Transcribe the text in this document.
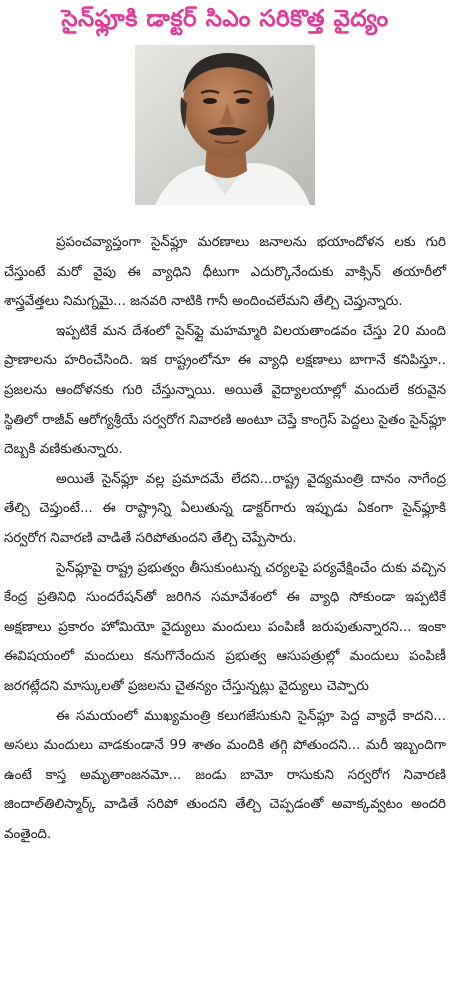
సైన్‌ఫ్లూకి డాక్టర్ సిఎం సరికొత్త వైద్యం

ప్రపంచవ్యాప్తంగా సైన్‌ఫ్లూ మరణాలు జనాలను భయాందోళన లకు గురి చేస్తుంటే మరో వైపు ఈ వ్యాధిని ధీటుగా ఎదుర్కొనేందుకు వాక్సిన్ తయారీలో శాస్త్రవేత్తలు నిమగ్నమై... జనవరి నాటికి గానీ అందించలేమని తేల్చి చెప్తున్నారు.

ఇప్పటికే మన దేశంలో సైన్‌ఫ్లై మహమ్మారి విలయతాండవం చేస్తు 20 మంది ప్రాణాలను హరించేసింది. ఇక రాష్ట్రంలోనూ ఈ వ్యాధి లక్షణాలు బాగానే కనిపిస్తూ.. ప్రజలను ఆందోళనకు గురి చేస్తున్నాయి. అయితే వైద్యాలయాల్లో మందులే కరువైన స్థితిలో రాజీవ్ ఆరోగ్యశ్రీయే సర్వరోగ నివారణి అంటూ చెప్తే కాంగ్రెస్ పెద్దలు సైతం సైన్‌ఫ్లూ దెబ్బకి వణికుతున్నారు.

అయితే సైన్‌ఫ్లూ వల్ల ప్రమాదమే లేదని...రాష్ట్ర వైద్యమంత్రి దానం నాగేంద్ర తేల్చి చెప్తుంటే... ఈ రాష్ట్రాన్ని ఏలుతున్న డాక్టర్‌గారు ఇప్పుడు ఏకంగా సైన్‌ఫ్లూకి సర్వరోగ నివారణి వాడితే సరిపోతుందని తేల్చి చెప్పేసారు.

సైన్‌ఫ్లూపై రాష్ట్ర ప్రభుత్వం తీసుకుంటున్న చర్యలపై పర్యవేక్షించేం దుకు వచ్చిన కేంద్ర ప్రతినిధి సుందరేషన్‌తో జరిగిన సమావేశంలో ఈ వ్యాధి సోకుండా ఇప్పటికే అక్షణాలు ప్రకారం హోమియో వైద్యులు మందులు పంపిణీ జరుపుతున్నారని... ఇంకా ఈవిషయంలో మందులు కనుగొనేందున ప్రభుత్వ ఆసుపత్రుల్లో మందులు పంపిణీ జరగట్లేదని మాస్కులతో ప్రజలను చైతన్యం చేస్తున్నట్లు వైద్యులు చెప్పారు

ఈ సమయంలో ముఖ్యమంత్రి కలుగజేసుకుని సైన్‌ఫ్లూ పెద్ద వ్యాధే కాదని... అసలు మందులు వాడకుండానే 99 శాతం మందికి తగ్గి పోతుందని... మరీ ఇబ్బందిగా ఉంటే కాస్త అమృతాంజనమో... జండు బామో రాసుకుని సర్వరోగ నివారణి జిందాల్‌తిలిస్మార్క్ వాడితే సరిపో తుందని తేల్చి చెప్పడంతో అవాక్కవ్వటం అందరి వంతైంది.
